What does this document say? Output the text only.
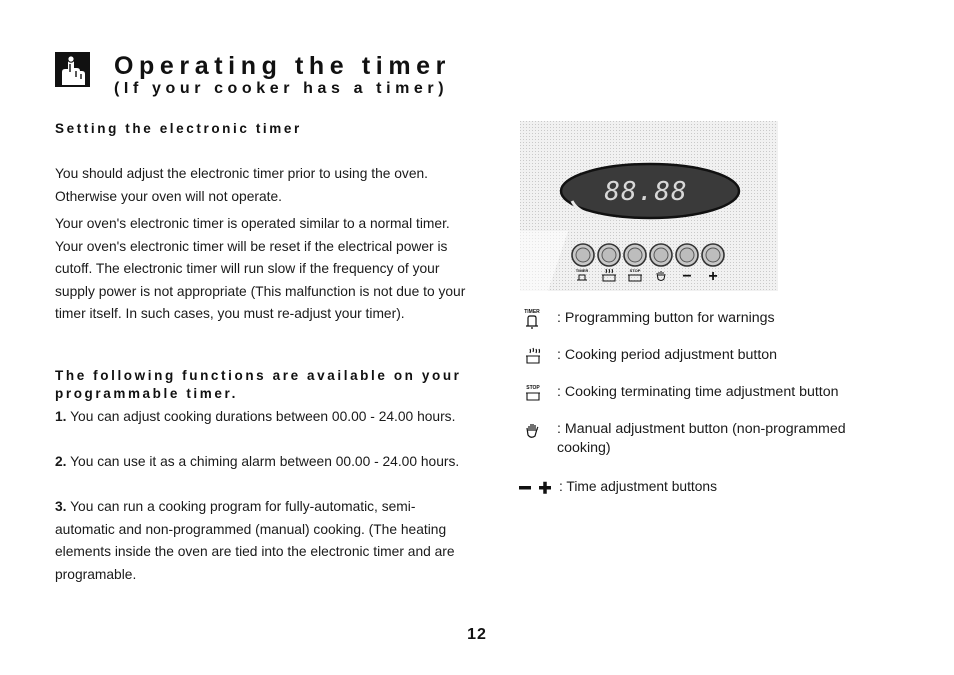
Operating the timer
(If your cooker has a timer)
Setting the electronic timer

You should adjust the electronic timer prior to using the oven. Otherwise your oven will not operate.

Your oven's electronic timer is operated similar to a normal timer. Your oven's electronic timer will be reset if the electrical power is cutoff. The electronic timer will run slow if the frequency of your supply power is not appropriate (This malfunction is not due to your timer itself. In such cases, you must re-adjust your timer).

The following functions are available on your programmable timer.

1. You can adjust cooking durations between 00.00 - 24.00 hours.

2. You can use it as a chiming alarm between 00.00 - 24.00 hours.

3. You can run a cooking program for fully-automatic, semi-automatic and non-programmed (manual) cooking. (The heating elements inside the oven are tied into the electronic timer and are programable.

88.88
TIMER	STOP	− +
TIMER : Programming button for warnings
: Cooking period adjustment button
STOP : Cooking terminating time adjustment button
: Manual adjustment button (non-programmed cooking)
: Time adjustment buttons
12
